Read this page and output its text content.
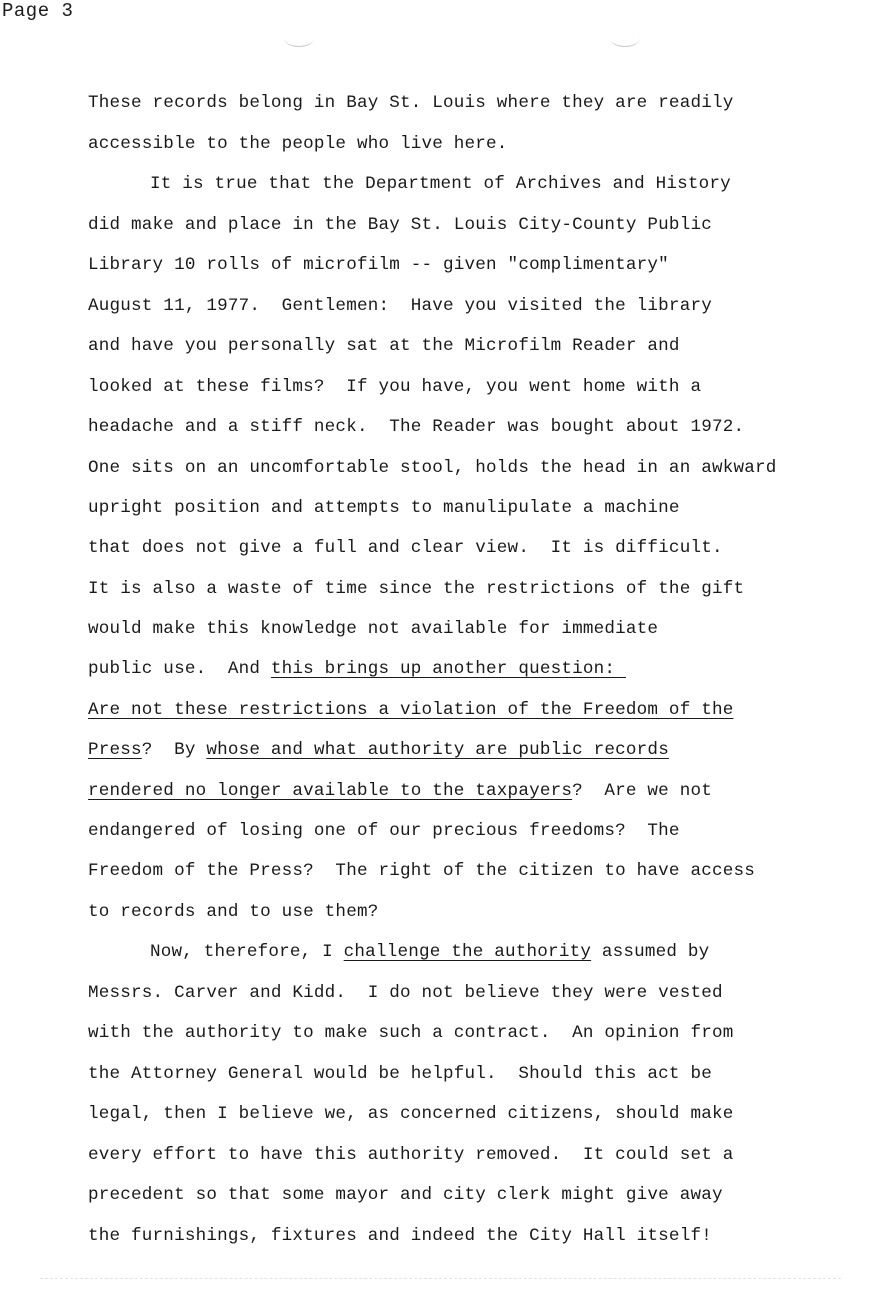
Page 3
These records belong in Bay St. Louis where they are readily
accessible to the people who live here.
It is true that the Department of Archives and History
did make and place in the Bay St. Louis City-County Public
Library 10 rolls of microfilm -- given "complimentary"
August 11, 1977.  Gentlemen:  Have you visited the library
and have you personally sat at the Microfilm Reader and
looked at these films?  If you have, you went home with a
headache and a stiff neck.  The Reader was bought about 1972.
One sits on an uncomfortable stool, holds the head in an awkward
upright position and attempts to manulipulate a machine
that does not give a full and clear view.  It is difficult.
It is also a waste of time since the restrictions of the gift
would make this knowledge not available for immediate
public use.  And this brings up another question:
Are not these restrictions a violation of the Freedom of the
Press?  By whose and what authority are public records
rendered no longer available to the taxpayers?  Are we not
endangered of losing one of our precious freedoms?  The
Freedom of the Press?  The right of the citizen to have access
to records and to use them?
Now, therefore, I challenge the authority assumed by
Messrs. Carver and Kidd.  I do not believe they were vested
with the authority to make such a contract.  An opinion from
the Attorney General would be helpful.  Should this act be
legal, then I believe we, as concerned citizens, should make
every effort to have this authority removed.  It could set a
precedent so that some mayor and city clerk might give away
the furnishings, fixtures and indeed the City Hall itself!
